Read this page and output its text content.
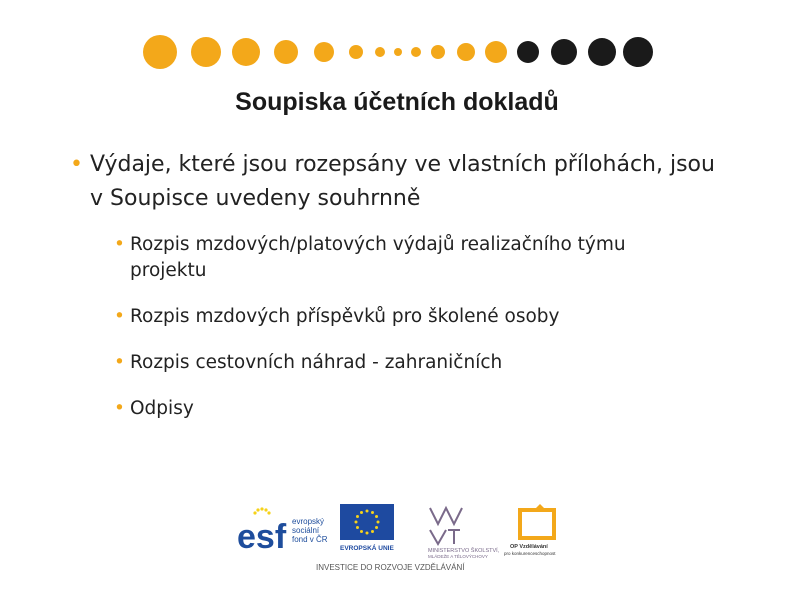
Soupiska účetních dokladů
• Výdaje, které jsou rozepsány ve vlastních přílohách, jsou v Soupisce uvedeny souhrnně
• Rozpis mzdových/platových výdajů realizačního týmu projektu
• Rozpis mzdových příspěvků pro školené osoby
• Rozpis cestovních náhrad - zahraničních
• Odpisy
esf evropský
sociální
fond v ČR
EVROPSKÁ UNIE	MINISTERSTVO ŠKOLSTVÍ,
MLÁDEŽE A TĚLOVÝCHOVY
OP Vzdělávání
pro konkurenceschopnost
INVESTICE DO ROZVOJE VZDĚLÁVÁNÍ
